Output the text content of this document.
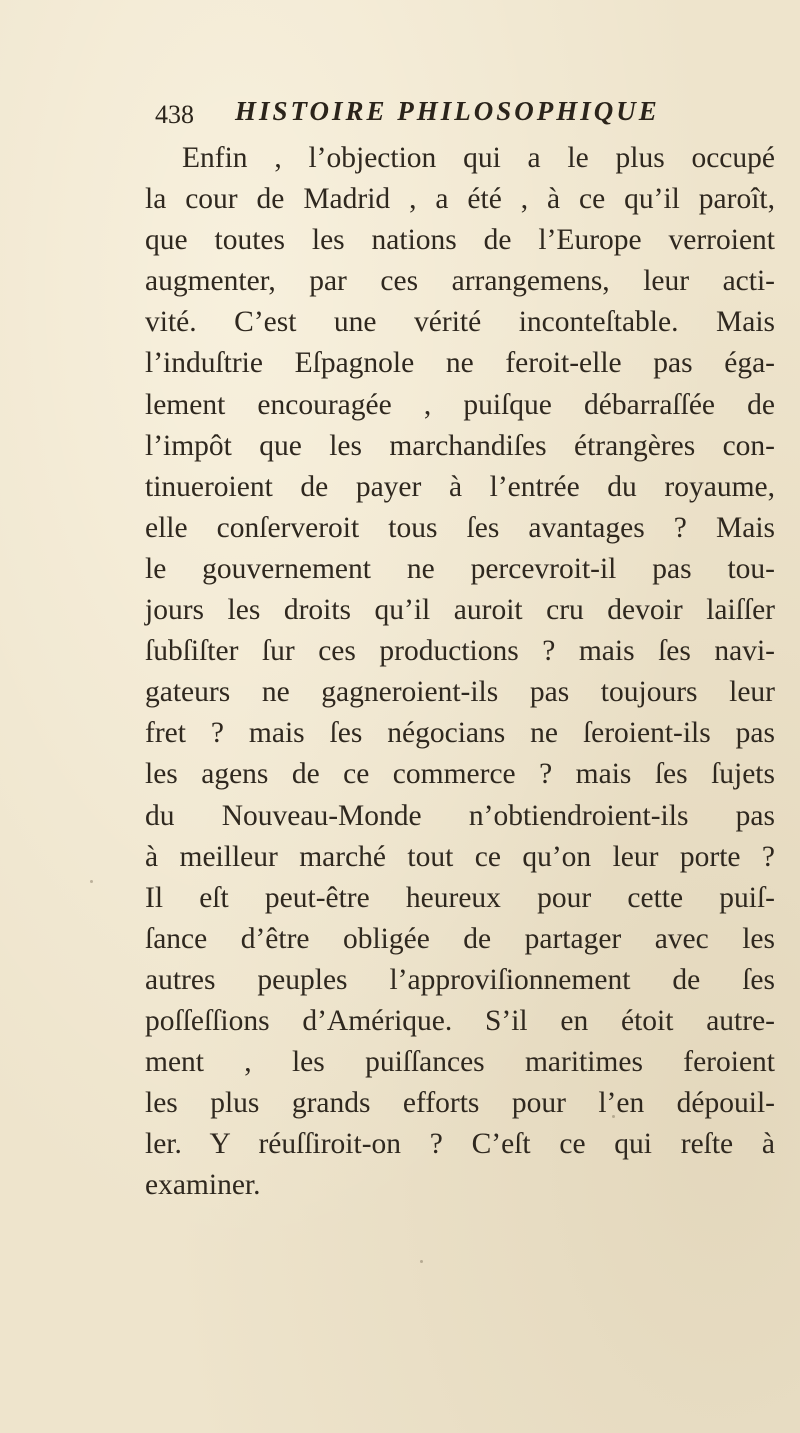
438 HISTOIRE PHILOSOPHIQUE
Enfin , l’objection qui a le plus occupé
la cour de Madrid , a été , à ce qu’il paroît,
que toutes les nations de l’Europe verroient
augmenter, par ces arrangemens, leur acti-
vité. C’est une vérité inconteſtable. Mais
l’induſtrie Eſpagnole ne feroit-elle pas éga-
lement encouragée , puiſque débarraſſée de
l’impôt que les marchandiſes étrangères con-
tinueroient de payer à l’entrée du royaume,
elle conſerveroit tous ſes avantages ? Mais
le gouvernement ne percevroit-il pas tou-
jours les droits qu’il auroit cru devoir laiſſer
ſubſiſter ſur ces productions ? mais ſes navi-
gateurs ne gagneroient-ils pas toujours leur
fret ? mais ſes négocians ne ſeroient-ils pas
les agens de ce commerce ? mais ſes ſujets
du Nouveau-Monde n’obtiendroient-ils pas
à meilleur marché tout ce qu’on leur porte ?
Il eſt peut-être heureux pour cette puiſ-
ſance d’être obligée de partager avec les
autres peuples l’approviſionnement de ſes
poſſeſſions d’Amérique. S’il en étoit autre-
ment , les puiſſances maritimes feroient
les plus grands efforts pour l’en dépouil-
ler. Y réuſſiroit-on ? C’eſt ce qui reſte à
examiner.
